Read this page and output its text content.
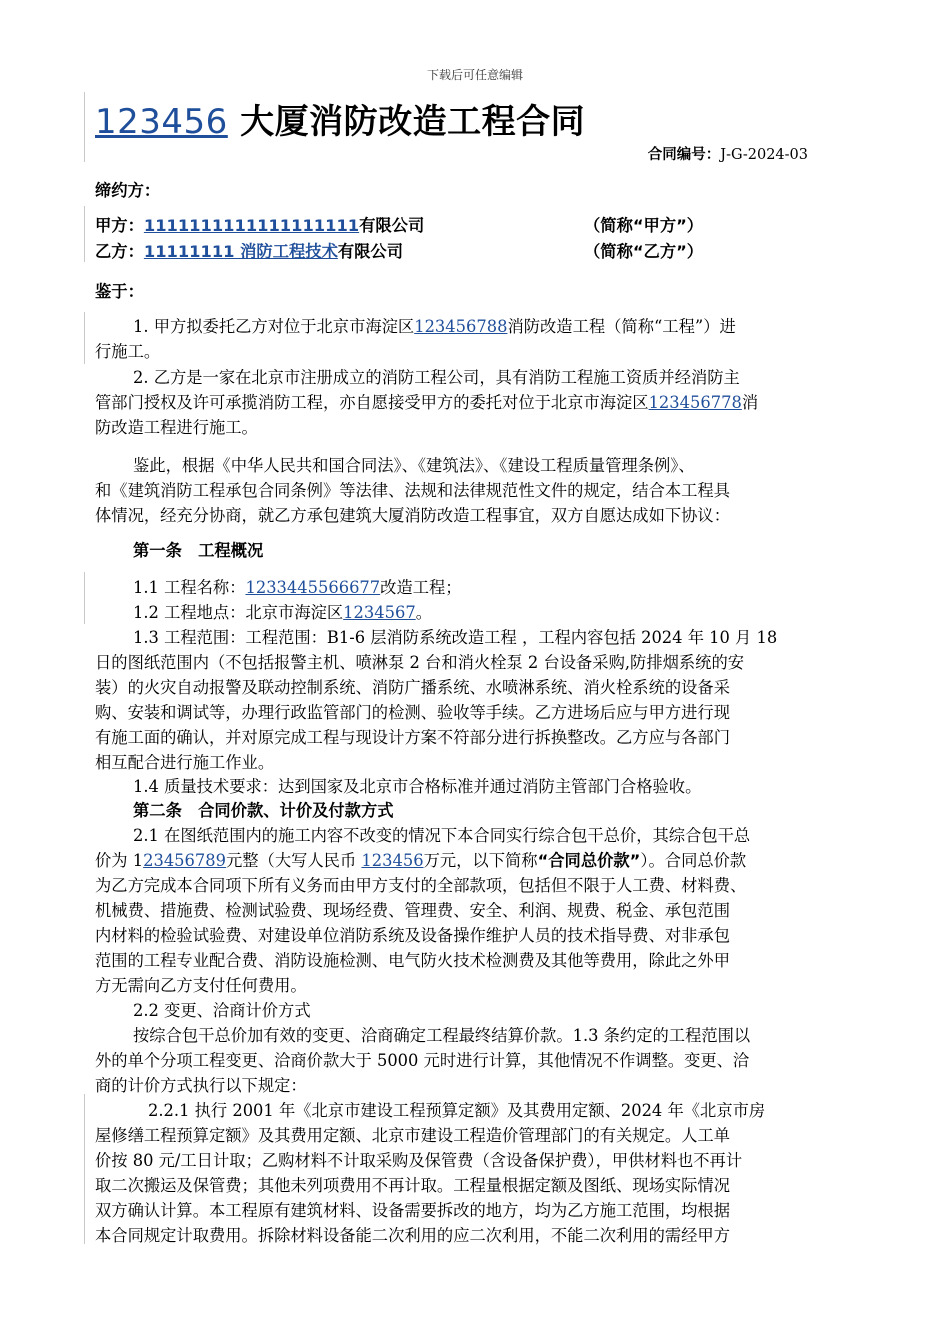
下载后可任意编辑
123456 大厦消防改造工程合同
合同编号：J-G-2024-03
缔约方：
甲方：1111111111111111111有限公司	（简称“甲方”）
乙方：11111111 消防工程技术有限公司	（简称“乙方”）
鉴于：
1. 甲方拟委托乙方对位于北京市海淀区123456788消防改造工程（简称“工程”）进
行施工。
2. 乙方是一家在北京市注册成立的消防工程公司，具有消防工程施工资质并经消防主
管部门授权及许可承揽消防工程，亦自愿接受甲方的委托对位于北京市海淀区123456778消
防改造工程进行施工。
鉴此，根据《中华人民共和国合同法》、《建筑法》、《建设工程质量管理条例》、
和《建筑消防工程承包合同条例》等法律、法规和法律规范性文件的规定，结合本工程具
体情况，经充分协商，就乙方承包建筑大厦消防改造工程事宜，双方自愿达成如下协议：
第一条　工程概况
1.1 工程名称：1233445566677改造工程；
1.2 工程地点：北京市海淀区1234567。
1.3 工程范围：工程范围：B1-6 层消防系统改造工程 ，工程内容包括 2024 年 10 月 18
日的图纸范围内（不包括报警主机、喷淋泵 2 台和消火栓泵 2 台设备采购,防排烟系统的安
装）的火灾自动报警及联动控制系统、消防广播系统、水喷淋系统、消火栓系统的设备采
购、安装和调试等，办理行政监管部门的检测、验收等手续。乙方进场后应与甲方进行现
有施工面的确认，并对原完成工程与现设计方案不符部分进行拆换整改。乙方应与各部门
相互配合进行施工作业。
1.4 质量技术要求：达到国家及北京市合格标准并通过消防主管部门合格验收。
第二条　合同价款、计价及付款方式
2.1 在图纸范围内的施工内容不改变的情况下本合同实行综合包干总价，其综合包干总
价为 123456789元整（大写人民币 123456万元，以下简称“合同总价款”）。合同总价款
为乙方完成本合同项下所有义务而由甲方支付的全部款项，包括但不限于人工费、材料费、
机械费、措施费、检测试验费、现场经费、管理费、安全、利润、规费、税金、承包范围
内材料的检验试验费、对建设单位消防系统及设备操作维护人员的技术指导费、对非承包
范围的工程专业配合费、消防设施检测、电气防火技术检测费及其他等费用，除此之外甲
方无需向乙方支付任何费用。
2.2 变更、洽商计价方式
按综合包干总价加有效的变更、洽商确定工程最终结算价款。1.3 条约定的工程范围以
外的单个分项工程变更、洽商价款大于 5000 元时进行计算，其他情况不作调整。变更、洽
商的计价方式执行以下规定：
2.2.1 执行 2001 年《北京市建设工程预算定额》及其费用定额、2024 年《北京市房
屋修缮工程预算定额》及其费用定额、北京市建设工程造价管理部门的有关规定。人工单
价按 80 元/工日计取；乙购材料不计取采购及保管费（含设备保护费），甲供材料也不再计
取二次搬运及保管费；其他未列项费用不再计取。工程量根据定额及图纸、现场实际情况
双方确认计算。本工程原有建筑材料、设备需要拆改的地方，均为乙方施工范围，均根据
本合同规定计取费用。拆除材料设备能二次利用的应二次利用，不能二次利用的需经甲方
